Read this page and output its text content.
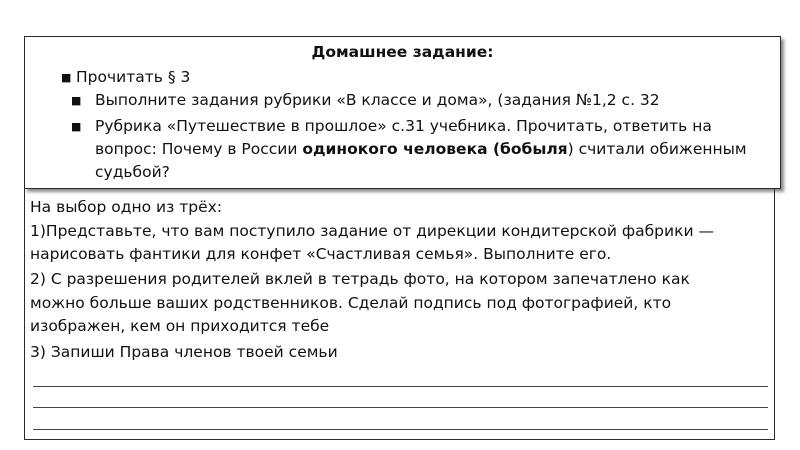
Домашнее задание:
■ Прочитать § 3
■ Выполните задания рубрики «В классе и дома», (задания №1,2 с. 32
■ Рубрика «Путешествие в прошлое» с.31 учебника. Прочитать, ответить на
вопрос: Почему в России одинокого человека (бобыля) считали обиженным
судьбой?
На выбор одно из трёх:
1)Представьте, что вам поступило задание от дирекции кондитерской фабрики —
нарисовать фантики для конфет «Счастливая семья». Выполните его.
2) С разрешения родителей вклей в тетрадь фото, на котором запечатлено как
можно больше ваших родственников. Сделай подпись под фотографией, кто
изображен, кем он приходится тебе
3) Запиши Права членов твоей семьи
